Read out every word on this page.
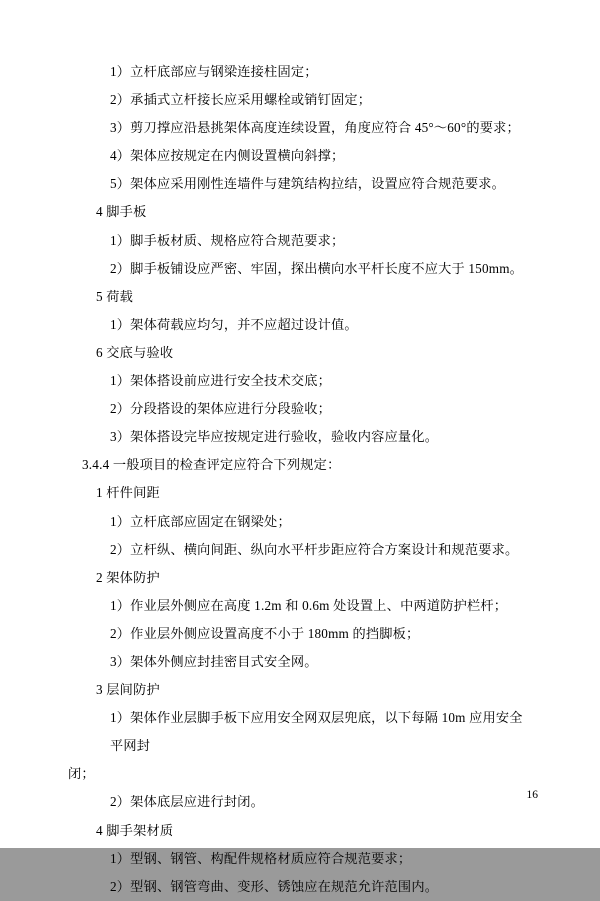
1）立杆底部应与钢梁连接柱固定；
2）承插式立杆接长应采用螺栓或销钉固定；
3）剪刀撑应沿悬挑架体高度连续设置，角度应符合 45°～60°的要求；
4）架体应按规定在内侧设置横向斜撑；
5）架体应采用刚性连墙件与建筑结构拉结，设置应符合规范要求。
4 脚手板
1）脚手板材质、规格应符合规范要求；
2）脚手板铺设应严密、牢固，探出横向水平杆长度不应大于 150mm。
5 荷载
1）架体荷载应均匀，并不应超过设计值。
6 交底与验收
1）架体搭设前应进行安全技术交底；
2）分段搭设的架体应进行分段验收；
3）架体搭设完毕应按规定进行验收，验收内容应量化。
3.4.4 一般项目的检查评定应符合下列规定：
1 杆件间距
1）立杆底部应固定在钢梁处；
2）立杆纵、横向间距、纵向水平杆步距应符合方案设计和规范要求。
2 架体防护
1）作业层外侧应在高度 1.2m 和 0.6m 处设置上、中两道防护栏杆；
2）作业层外侧应设置高度不小于 180mm 的挡脚板；
3）架体外侧应封挂密目式安全网。
3 层间防护
1）架体作业层脚手板下应用安全网双层兜底，以下每隔 10m 应用安全平网封
闭；
2）架体底层应进行封闭。
4 脚手架材质
1）型钢、钢管、构配件规格材质应符合规范要求；
2）型钢、钢管弯曲、变形、锈蚀应在规范允许范围内。
16
